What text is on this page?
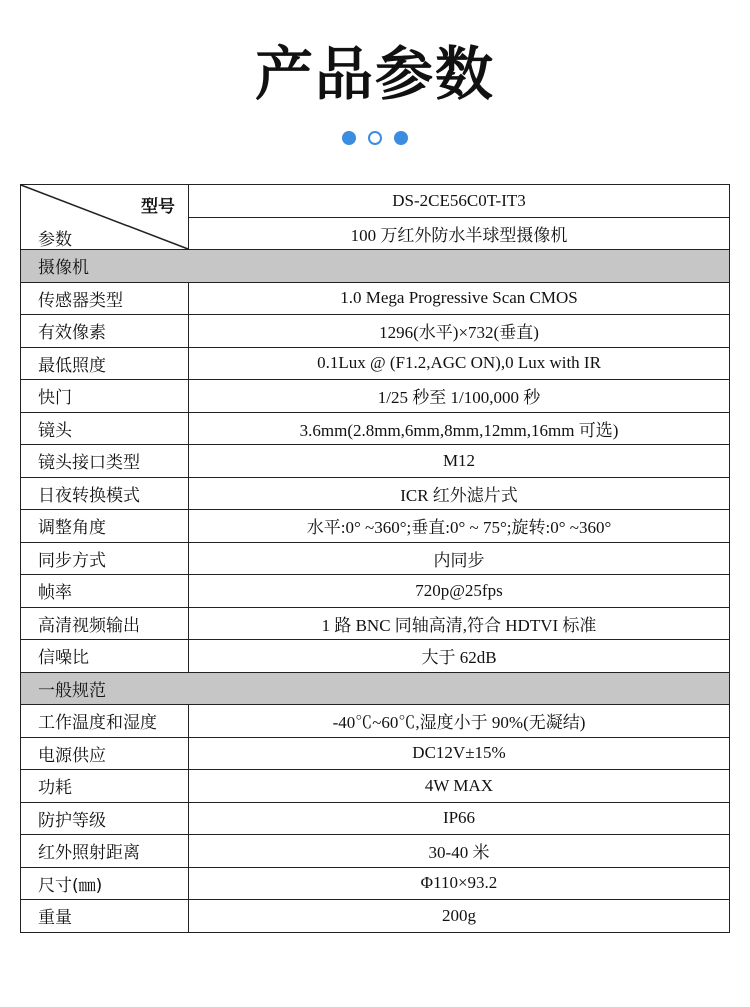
产品参数
型号
参数	DS-2CE56C0T-IT3
	100 万红外防水半球型摄像机
摄像机	
传感器类型	1.0 Mega Progressive Scan CMOS
有效像素	1296(水平)×732(垂直)
最低照度	0.1Lux @ (F1.2,AGC ON),0 Lux with IR
快门	1/25 秒至 1/100,000 秒
镜头	3.6mm(2.8mm,6mm,8mm,12mm,16mm 可选)
镜头接口类型	M12
日夜转换模式	ICR 红外滤片式
调整角度	水平:0° ~360°;垂直:0° ~ 75°;旋转:0° ~360°
同步方式	内同步
帧率	720p@25fps
高清视频输出	1 路 BNC 同轴高清,符合 HDTVI 标准
信噪比	大于 62dB
一般规范	
工作温度和湿度	-40℃~60℃,湿度小于 90%(无凝结)
电源供应	DC12V±15%
功耗	4W MAX
防护等级	IP66
红外照射距离	30-40 米
尺寸(㎜)	Φ110×93.2
重量	200g
